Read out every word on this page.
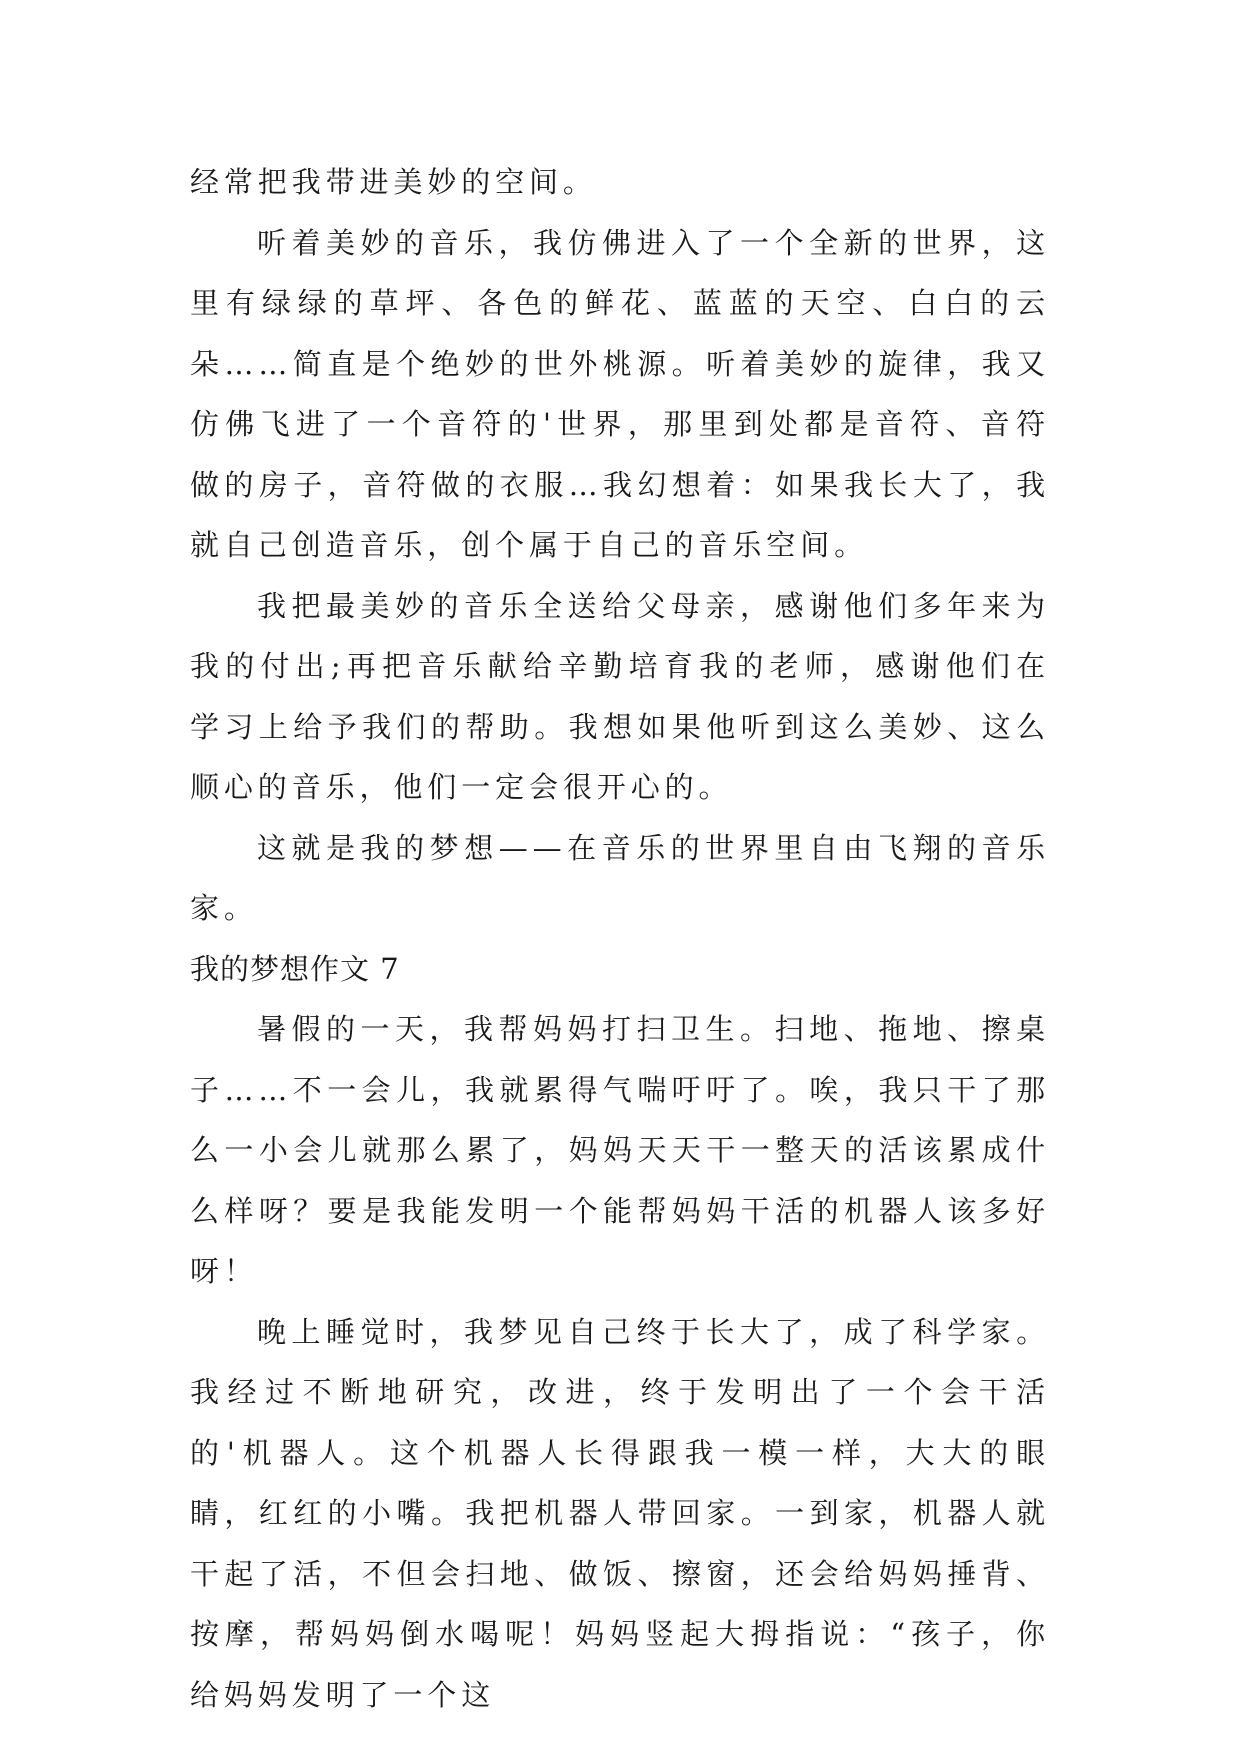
经常把我带进美妙的空间。

听着美妙的音乐，我仿佛进入了一个全新的世界，这里有绿绿的草坪、各色的鲜花、蓝蓝的天空、白白的云朵……简直是个绝妙的世外桃源。听着美妙的旋律，我又仿佛飞进了一个音符的'世界，那里到处都是音符、音符做的房子，音符做的衣服…我幻想着：如果我长大了，我就自己创造音乐，创个属于自己的音乐空间。

我把最美妙的音乐全送给父母亲，感谢他们多年来为我的付出;再把音乐献给辛勤培育我的老师，感谢他们在学习上给予我们的帮助。我想如果他听到这么美妙、这么顺心的音乐，他们一定会很开心的。

这就是我的梦想——在音乐的世界里自由飞翔的音乐家。

我的梦想作文 7

暑假的一天，我帮妈妈打扫卫生。扫地、拖地、擦桌子……不一会儿，我就累得气喘吁吁了。唉，我只干了那么一小会儿就那么累了，妈妈天天干一整天的活该累成什么样呀？要是我能发明一个能帮妈妈干活的机器人该多好呀！

晚上睡觉时，我梦见自己终于长大了，成了科学家。我经过不断地研究，改进，终于发明出了一个会干活的'机器人。这个机器人长得跟我一模一样，大大的眼睛，红红的小嘴。我把机器人带回家。一到家，机器人就干起了活，不但会扫地、做饭、擦窗，还会给妈妈捶背、按摩，帮妈妈倒水喝呢！妈妈竖起大拇指说：“孩子，你给妈妈发明了一个这
